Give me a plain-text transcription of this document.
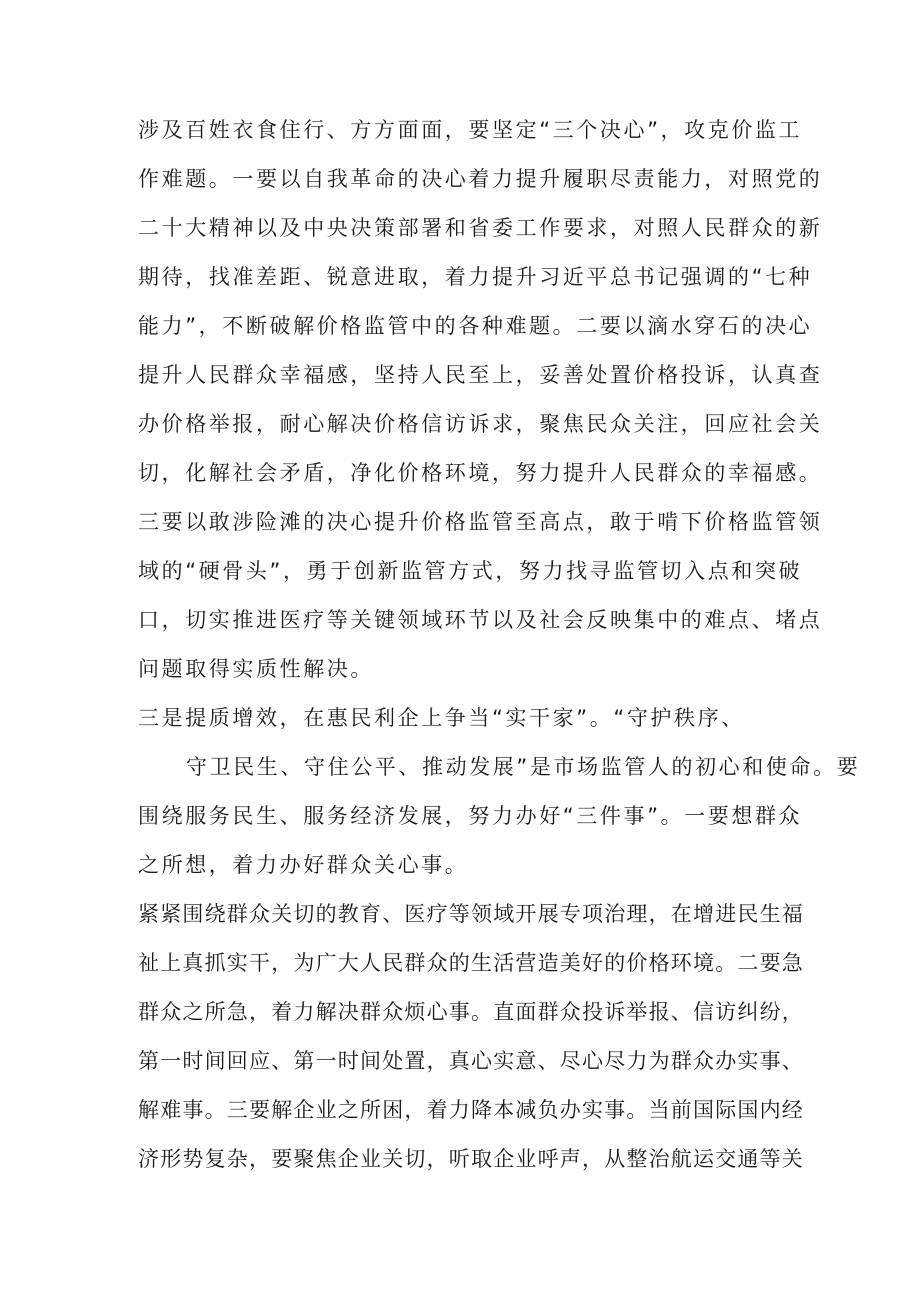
涉及百姓衣食住行、方方面面，要坚定“三个决心”，攻克价监工
作难题。一要以自我革命的决心着力提升履职尽责能力，对照党的
二十大精神以及中央决策部署和省委工作要求，对照人民群众的新
期待，找准差距、锐意进取，着力提升习近平总书记强调的“七种
能力”，不断破解价格监管中的各种难题。二要以滴水穿石的决心
提升人民群众幸福感，坚持人民至上，妥善处置价格投诉，认真查
办价格举报，耐心解决价格信访诉求，聚焦民众关注，回应社会关
切，化解社会矛盾，净化价格环境，努力提升人民群众的幸福感。
三要以敢涉险滩的决心提升价格监管至高点，敢于啃下价格监管领
域的“硬骨头”，勇于创新监管方式，努力找寻监管切入点和突破
口，切实推进医疗等关键领域环节以及社会反映集中的难点、堵点
问题取得实质性解决。
三是提质增效，在惠民利企上争当“实干家”。“守护秩序、
守卫民生、守住公平、推动发展”是市场监管人的初心和使命。要
围绕服务民生、服务经济发展，努力办好“三件事”。一要想群众
之所想，着力办好群众关心事。
紧紧围绕群众关切的教育、医疗等领域开展专项治理，在增进民生福
祉上真抓实干，为广大人民群众的生活营造美好的价格环境。二要急
群众之所急，着力解决群众烦心事。直面群众投诉举报、信访纠纷，
第一时间回应、第一时间处置，真心实意、尽心尽力为群众办实事、
解难事。三要解企业之所困，着力降本减负办实事。当前国际国内经
济形势复杂，要聚焦企业关切，听取企业呼声，从整治航运交通等关
